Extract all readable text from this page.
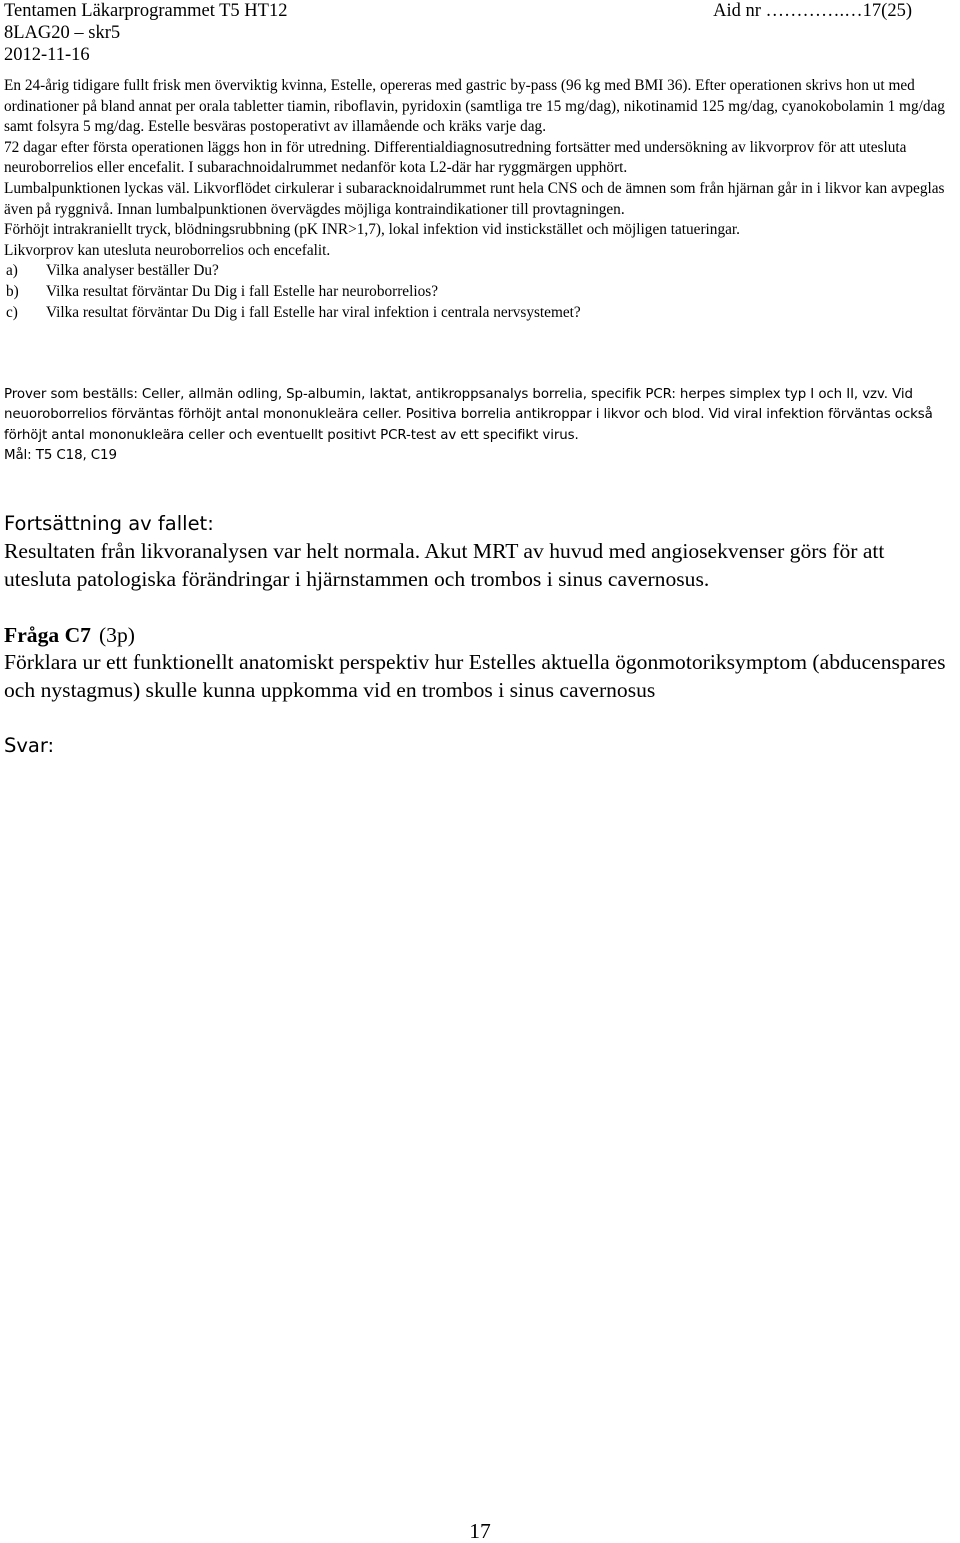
Tentamen Läkarprogrammet T5 HT12
8LAG20 – skr5
2012-11-16
Aid nr ………….…17(25)

En 24-årig tidigare fullt frisk men överviktig kvinna, Estelle, opereras med gastric by-pass (96 kg med BMI 36). Efter operationen skrivs hon ut med ordinationer på bland annat per orala tabletter tiamin, riboflavin, pyridoxin (samtliga tre 15 mg/dag), nikotinamid 125 mg/dag, cyanokobolamin 1 mg/dag samt folsyra 5 mg/dag. Estelle besväras postoperativt av illamående och kräks varje dag.

72 dagar efter första operationen läggs hon in för utredning. Differentialdiagnosutredning fortsätter med undersökning av likvorprov för att utesluta neuroborrelios eller encefalit. I subarachnoidalrummet nedanför kota L2-där har ryggmärgen upphört.

Lumbalpunktionen lyckas väl. Likvorflödet cirkulerar i subaracknoidalrummet runt hela CNS och de ämnen som från hjärnan går in i likvor kan avpeglas även på ryggnivå. Innan lumbalpunktionen övervägdes möjliga kontraindikationer till provtagningen.

Förhöjt intrakraniellt tryck, blödningsrubbning (pK INR>1,7), lokal infektion vid instickstället och möjligen tatueringar.

Likvorprov kan utesluta neuroborrelios och encefalit.

a)	Vilka analyser beställer Du?
b)	Vilka resultat förväntar Du Dig i fall Estelle har neuroborrelios?
c)	Vilka resultat förväntar Du Dig i fall Estelle har viral infektion i centrala nervsystemet?

Prover som beställs: Celler, allmän odling, Sp-albumin, laktat, antikroppsanalys borrelia, specifik PCR: herpes simplex typ I och II, vzv. Vid neuoroborrelios förväntas förhöjt antal mononukleära celler. Positiva borrelia antikroppar i likvor och blod. Vid viral infektion förväntas också förhöjt antal mononukleära celler och eventuellt positivt PCR-test av ett specifikt virus.

Mål: T5 C18, C19

Fortsättning av fallet:
Resultaten från likvoranalysen var helt normala. Akut MRT av huvud med angiosekvenser görs för att utesluta patologiska förändringar i hjärnstammen och trombos i sinus cavernosus.
Fråga C7 (3p)
Förklara ur ett funktionellt anatomiskt perspektiv hur Estelles aktuella ögonmotoriksymptom (abducenspares och nystagmus) skulle kunna uppkomma vid en trombos i sinus cavernosus
Svar:
17
